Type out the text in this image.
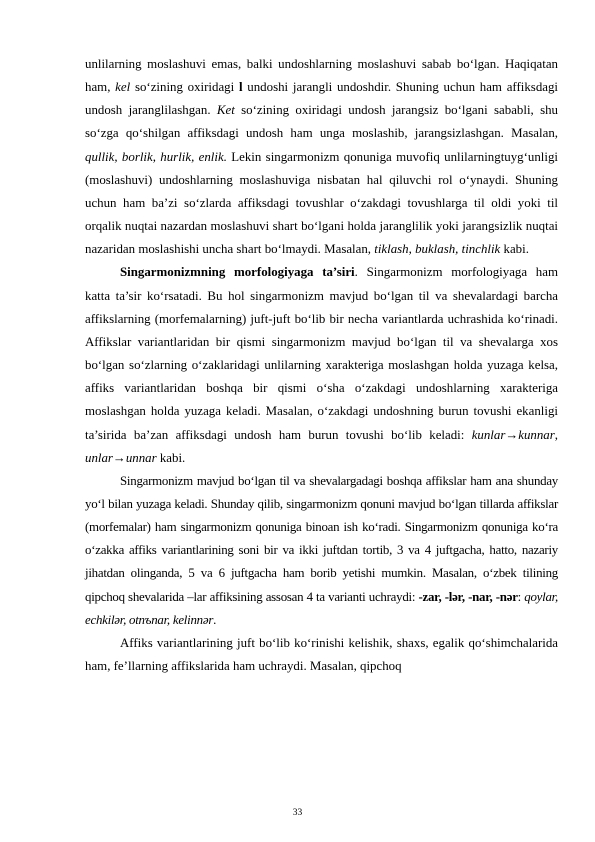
unlilarning moslashuvi emas, balki undoshlarning moslashuvi sabab bo‘lgan. Haqiqatan ham, kel so‘zining oxiridagi l undoshi jarangli undoshdir. Shuning uchun ham affiksdagi undosh jaranglilashgan. Ket so‘zining oxiridagi undosh jarangsiz bo‘lgani sababli, shu so‘zga qo‘shilgan affiksdagi undosh ham unga moslashib, jarangsizlashgan. Masalan, qullik, borlik, hurlik, enlik. Lekin singarmonizm qonuniga muvofiq unlilarningtuyg‘unligi (moslashuvi) undoshlarning moslashuviga nisbatan hal qiluvchi rol o‘ynaydi. Shuning uchun ham ba’zi so‘zlarda affiksdagi tovushlar o‘zakdagi tovushlarga til oldi yoki til orqalik nuqtai nazardan moslashuvi shart bo‘lgani holda jaranglilik yoki jarangsizlik nuqtai nazaridan moslashishi uncha shart bo‘lmaydi. Masalan, tiklash, buklash, tinchlik kabi.

Singarmonizmning morfologiyaga ta’siri. Singarmonizm morfologiyaga ham katta ta’sir ko‘rsatadi. Bu hol singarmonizm mavjud bo‘lgan til va shevalardagi barcha affikslarning (morfemalarning) juft-juft bo‘lib bir necha variantlarda uchrashida ko‘rinadi. Affikslar variantlaridan bir qismi singarmonizm mavjud bo‘lgan til va shevalarga xos bo‘lgan so‘zlarning o‘zaklaridagi unlilarning xarakteriga moslashgan holda yuzaga kelsa, affiks variantlaridan boshqa bir qismi o‘sha o‘zakdagi undoshlarning xarakteriga moslashgan holda yuzaga keladi. Masalan, o‘zakdagi undoshning burun tovushi ekanligi ta’sirida ba’zan affiksdagi undosh ham burun tovushi bo‘lib keladi: kunlar→kunnar, unlar→unnar kabi.

Singarmonizm mavjud bo‘lgan til va shevalargadagi boshqa affikslar ham ana shunday yo‘l bilan yuzaga keladi. Shunday qilib, singarmonizm qonuni mavjud bo‘lgan tillarda affikslar (morfemalar) ham singarmonizm qonuniga binoan ish ko‘radi. Singarmonizm qonuniga ko‘ra o‘zakka affiks variantlarining soni bir va ikki juftdan tortib, 3 va 4 juftgacha, hatto, nazariy jihatdan olinganda, 5 va 6 juftgacha ham borib yetishi mumkin. Masalan, o‘zbek tilining qipchoq shevalarida –lar affiksining assosan 4 ta varianti uchraydi: -zar, -lər, -nar, -nər: qoylar, echkilər, otпъnar, kelinnər.

Affiks variantlarining juft bo‘lib ko‘rinishi kelishik, shaxs, egalik qo‘shimchalarida ham, fe’llarning affikslarida ham uchraydi. Masalan, qipchoq

33
